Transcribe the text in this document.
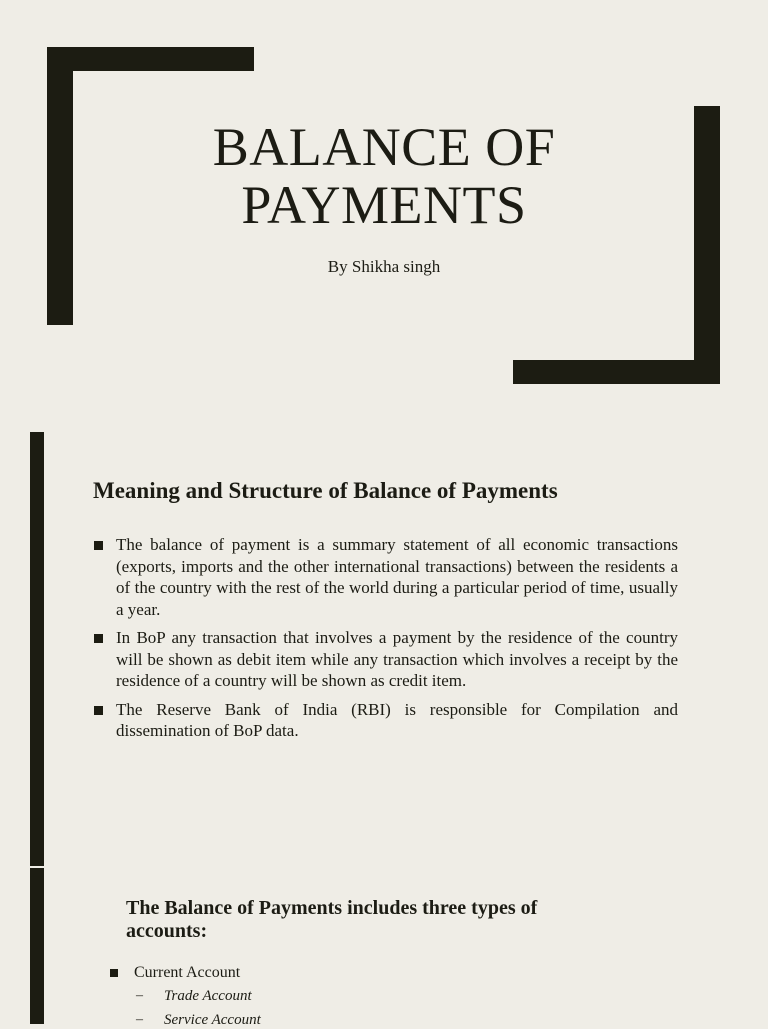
BALANCE OF
PAYMENTS
By Shikha singh
Meaning and Structure of Balance of Payments
The balance of payment is a summary statement of all economic transactions (exports, imports and the other international transactions) between the residents a of the country with the rest of the world during a particular period of time, usually a year.
In BoP any transaction that involves a payment by the residence of the country will be shown as debit item while any transaction which involves a receipt by the residence of a country will be shown as credit item.
The Reserve Bank of India (RBI) is responsible for Compilation and dissemination of BoP data.
The Balance of Payments includes three types of accounts:
Current Account
– Trade Account
– Service Account
